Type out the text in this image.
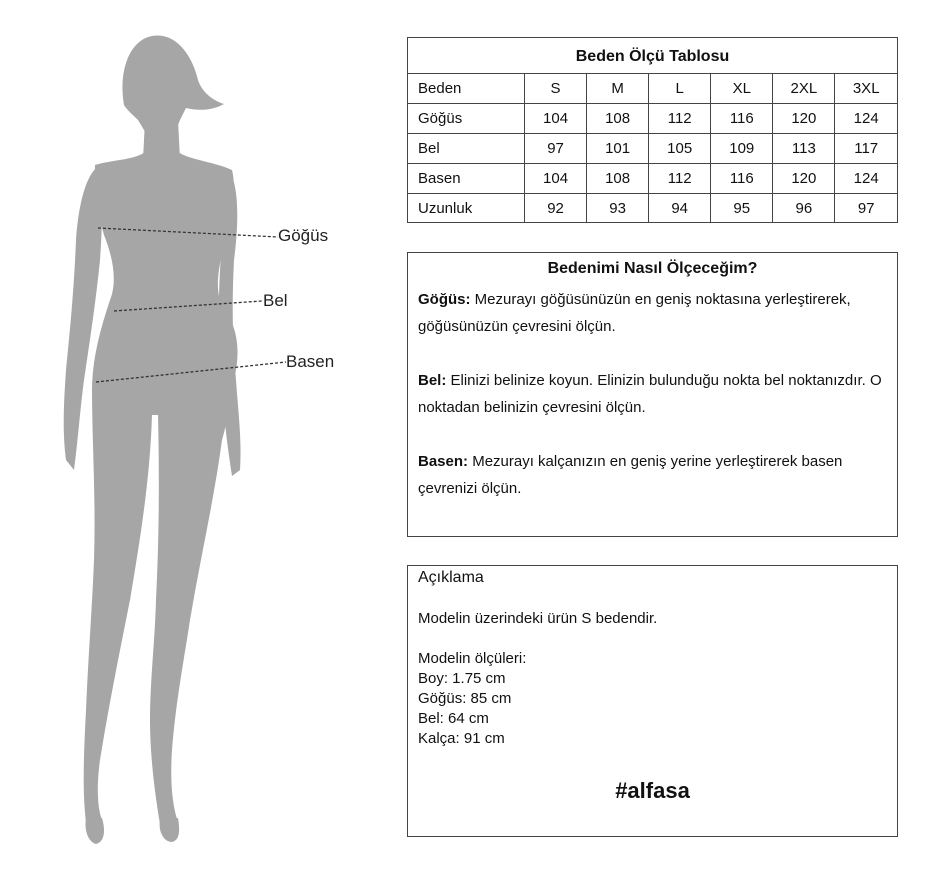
Göğüs
Bel
Basen
Beden Ölçü Tablosu
Beden	S	M	L	XL	2XL	3XL
Göğüs	104	108	112	116	120	124
Bel	97	101	105	109	113	117
Basen	104	108	112	116	120	124
Uzunluk	92	93	94	95	96	97
Bedenimi Nasıl Ölçeceğim?
Göğüs: Mezurayı göğüsünüzün en geniş noktasına yerleştirerek, göğüsünüzün çevresini ölçün.
Bel: Elinizi belinize koyun. Elinizin bulunduğu nokta bel noktanızdır. O noktadan belinizin çevresini ölçün.
Basen: Mezurayı kalçanızın en geniş yerine yerleştirerek basen çevrenizi ölçün.
Açıklama
Modelin üzerindeki ürün S bedendir.
Modelin ölçüleri:
Boy: 1.75 cm
Göğüs: 85 cm
Bel: 64 cm
Kalça: 91 cm
#alfasa
